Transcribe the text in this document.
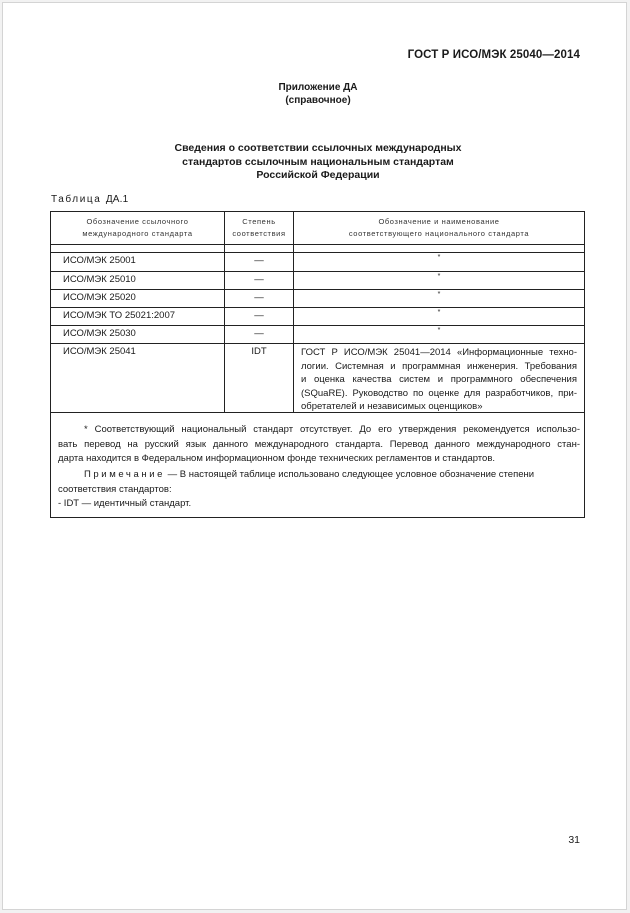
ГОСТ Р ИСО/МЭК 25040—2014
Приложение ДА
(справочное)
Сведения о соответствии ссылочных международных
стандартов ссылочным национальным стандартам
Российской Федерации
Таблица ДА.1
Обозначение ссылочного
международного стандарта
Степень
соответствия
Обозначение и наименование
соответствующего национального стандарта
ИСО/МЭК 25001	—	*
ИСО/МЭК 25010	—	*
ИСО/МЭК 25020	—	*
ИСО/МЭК ТО 25021:2007	—	*
ИСО/МЭК 25030	—	*
ИСО/МЭК 25041	IDT	ГОСТ Р ИСО/МЭК 25041—2014 «Информационные техно-
логии. Системная и программная инженерия. Требования
и оценка качества систем и программного обеспечения
(SQuaRE). Руководство по оценке для разработчиков, при-
обретателей и независимых оценщиков»
* Соответствующий национальный стандарт отсутствует. До его утверждения рекомендуется использо-
вать перевод на русский язык данного международного стандарта. Перевод данного международного стан-
дарта находится в Федеральном информационном фонде технических регламентов и стандартов.
Примечание — В настоящей таблице использовано следующее условное обозначение степени
соответствия стандартов:
- IDT — идентичный стандарт.
31
